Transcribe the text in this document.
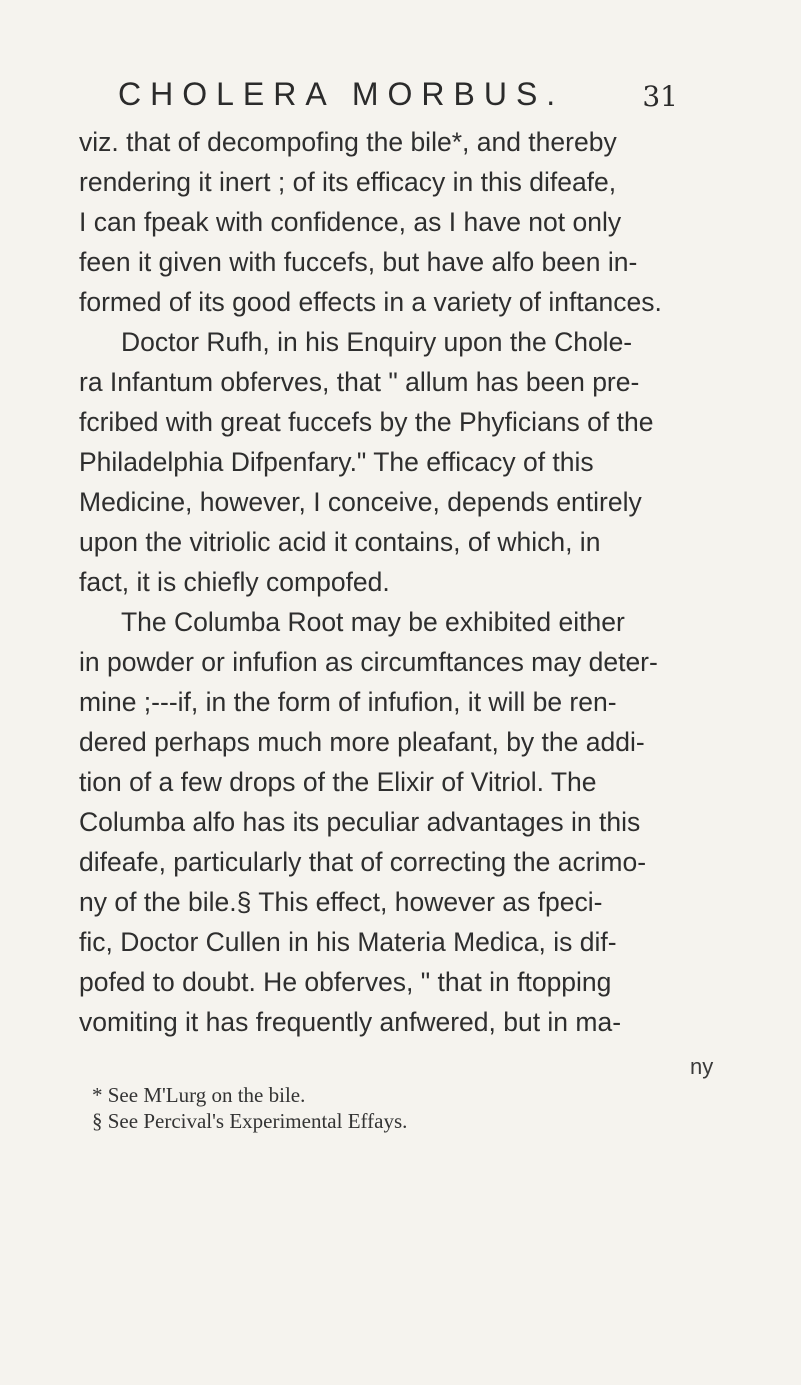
CHOLERA MORBUS.	31
viz. that of decompofing the bile*, and thereby
rendering it inert ; of its efficacy in this difeafe,
I can fpeak with confidence, as I have not only
feen it given with fuccefs, but have alfo been in-
formed of its good effects in a variety of inftances.
Doctor Rufh, in his Enquiry upon the Chole-
ra Infantum obferves, that " allum has been pre-
fcribed with great fuccefs by the Phyficians of the
Philadelphia Difpenfary." The efficacy of this
Medicine, however, I conceive, depends entirely
upon the vitriolic acid it contains, of which, in
fact, it is chiefly compofed.
The Columba Root may be exhibited either
in powder or infufion as circumftances may deter-
mine ;---if, in the form of infufion, it will be ren-
dered perhaps much more pleafant, by the addi-
tion of a few drops of the Elixir of Vitriol. The
Columba alfo has its peculiar advantages in this
difeafe, particularly that of correcting the acrimo-
ny of the bile.§ This effect, however as fpeci-
fic, Doctor Cullen in his Materia Medica, is dif-
pofed to doubt. He obferves, " that in ftopping
vomiting it has frequently anfwered, but in ma-
ny
* See M'Lurg on the bile.
§ See Percival's Experimental Effays.
